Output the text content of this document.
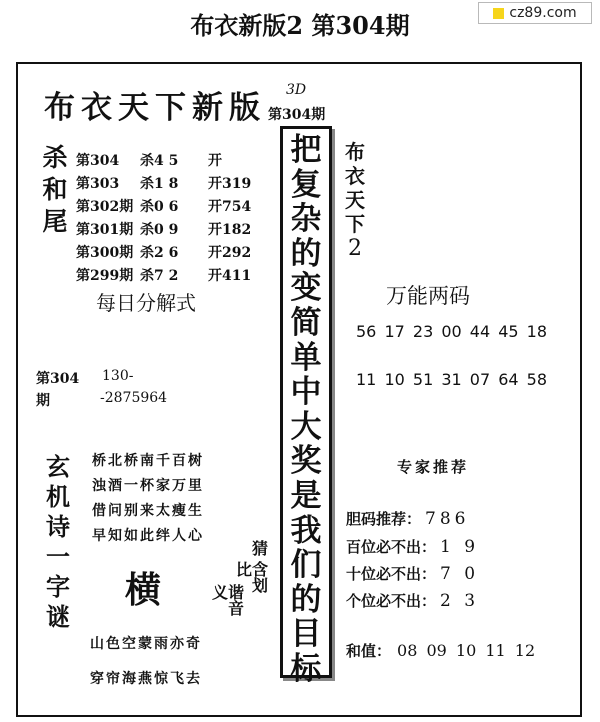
布衣新版2 第304期	cz89.com
布衣天下新版 3D
第304期
杀和尾
第304 杀4 5 开
第303 杀1 8 开319
第302期 杀0 6 开754
第301期 杀0 9 开182
第300期 杀2 6 开292
第299期 杀7 2 开411
每日分解式
第304
期
130-
-2875964
玄机诗一字谜
桥北桥南千百树
浊酒一杯家万里
借问别来太瘦生
早知如此绊人心
横
猜
比含划
义谐音
山色空蒙雨亦奇
穿帘海燕惊飞去
把复杂的变简单 中大奖是我们的目标
布衣天下
2
万能两码
56 17 23 00 44 45 18
11 10 51 31 07 64 58
专家推荐
胆码推荐： 786
百位必不出： 1 9
十位必不出： 7 0
个位必不出： 2 3
和值： 08 09 10 11 12
